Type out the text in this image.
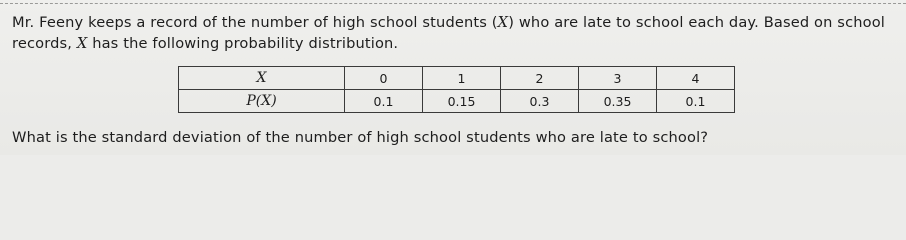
Mr. Feeny keeps a record of the number of high school students (X) who are late to school each day. Based on school records, X has the following probability distribution.

X	0	1	2	3	4
P(X)	0.1	0.15	0.3	0.35	0.1

What is the standard deviation of the number of high school students who are late to school?
